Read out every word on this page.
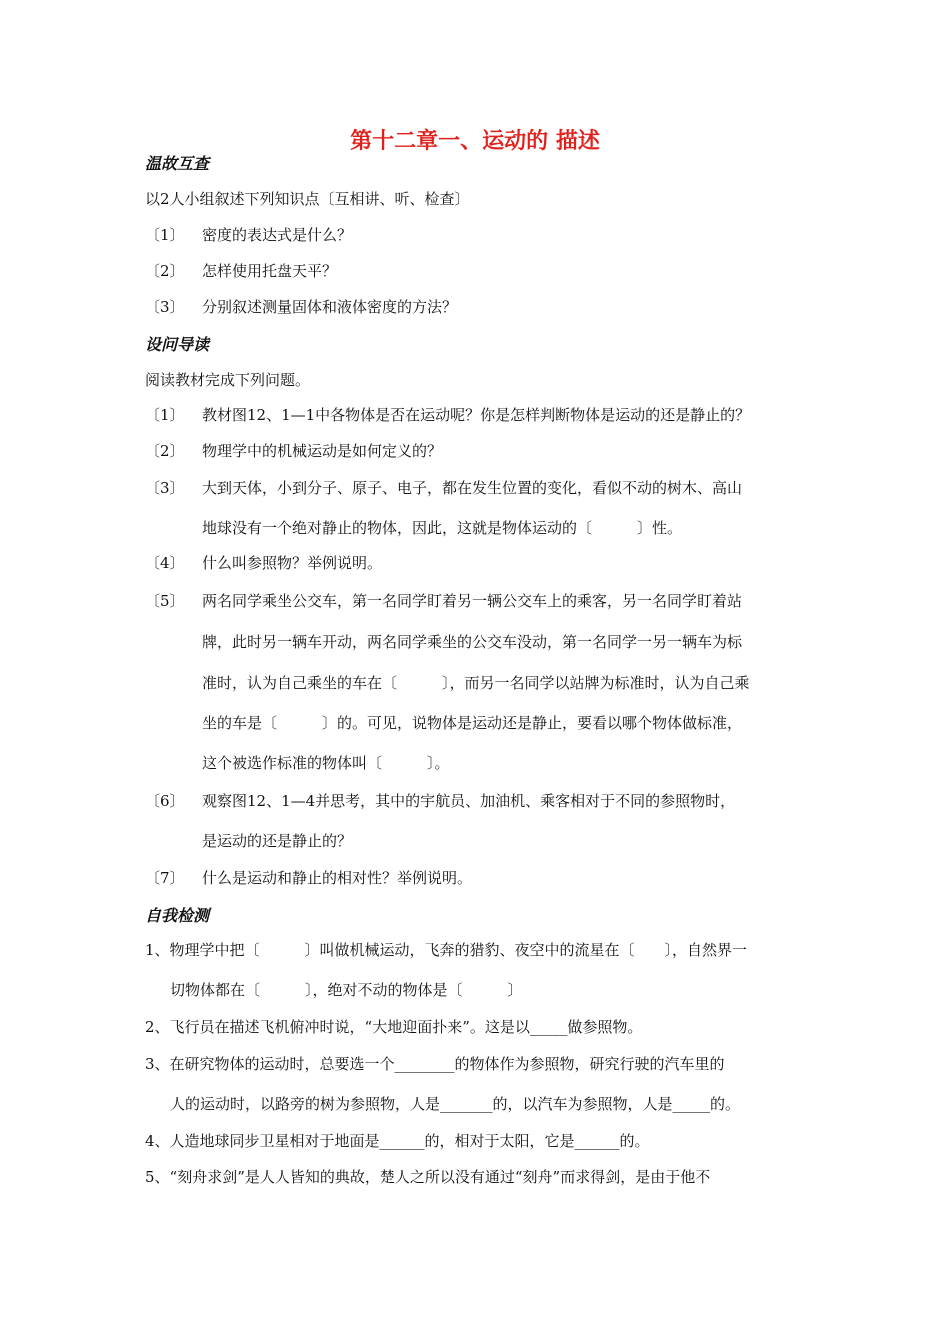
第十二章一、运动的 描述
温故互查
以2人小组叙述下列知识点〔互相讲、听、检查〕
〔1〕 密度的表达式是什么？
〔2〕 怎样使用托盘天平？
〔3〕 分别叙述测量固体和液体密度的方法？
设问导读
阅读教材完成下列问题。
〔1〕 教材图12、1—1中各物体是否在运动呢？你是怎样判断物体是运动的还是静止的？
〔2〕 物理学中的机械运动是如何定义的？
〔3〕 大到天体，小到分子、原子、电子，都在发生位置的变化，看似不动的树木、高山
地球没有一个绝对静止的物体，因此，这就是物体运动的〔　　　〕性。
〔4〕 什么叫参照物？举例说明。
〔5〕 两名同学乘坐公交车，第一名同学盯着另一辆公交车上的乘客，另一名同学盯着站
牌，此时另一辆车开动，两名同学乘坐的公交车没动，第一名同学一另一辆车为标
准时，认为自己乘坐的车在〔　　　〕，而另一名同学以站牌为标准时，认为自己乘
坐的车是〔　　　〕的。可见，说物体是运动还是静止，要看以哪个物体做标准，
这个被选作标准的物体叫〔　　　〕。
〔6〕 观察图12、1—4并思考，其中的宇航员、加油机、乘客相对于不同的参照物时，
是运动的还是静止的？
〔7〕 什么是运动和静止的相对性？举例说明。
自我检测
1、物理学中把〔　　　〕叫做机械运动，飞奔的猎豹、夜空中的流星在〔　　〕，自然界一
切物体都在〔　　　〕，绝对不动的物体是〔　　　〕
2、飞行员在描述飞机俯冲时说，“大地迎面扑来”。这是以_____做参照物。
3、在研究物体的运动时，总要选一个________的物体作为参照物，研究行驶的汽车里的
人的运动时，以路旁的树为参照物，人是_______的，以汽车为参照物，人是_____的。
4、人造地球同步卫星相对于地面是______的，相对于太阳，它是______的。
5、“刻舟求剑”是人人皆知的典故，楚人之所以没有通过“刻舟”而求得剑，是由于他不
